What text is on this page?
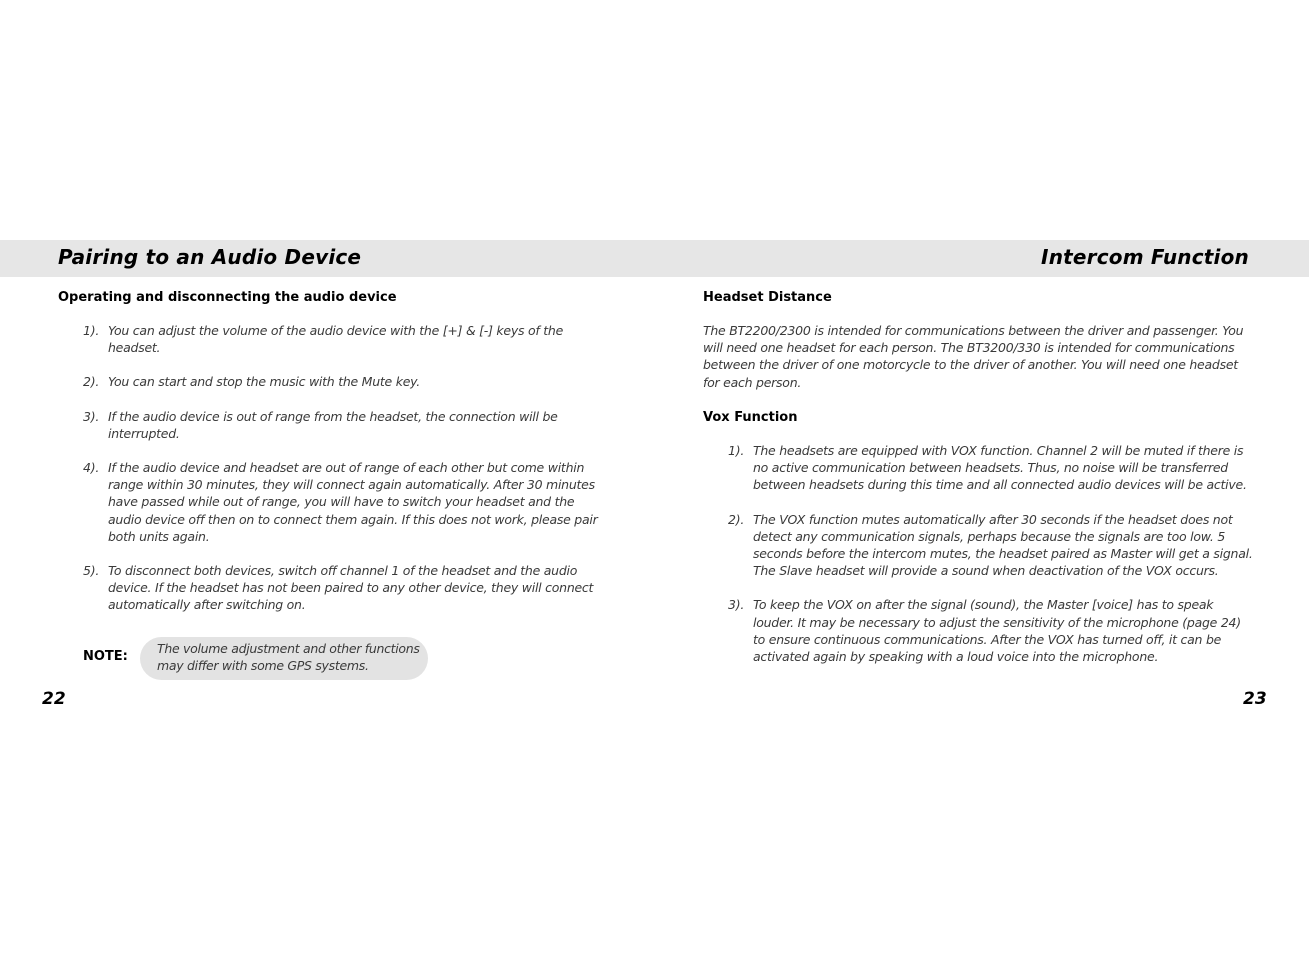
Pairing to an Audio Device	Intercom Function
Operating and disconnecting the audio device
1). You can adjust the volume of the audio device with the [+] & [-] keys of the headset.
2). You can start and stop the music with the Mute key.
3). If the audio device is out of range from the headset, the connection will be interrupted.
4). If the audio device and headset are out of range of each other but come within range within 30 minutes, they will connect again automatically. After 30 minutes have passed while out of range, you will have to switch your headset and the audio device off then on to connect them again. If this does not work, please pair both units again.
5). To disconnect both devices, switch off channel 1 of the headset and the audio device. If the headset has not been paired to any other device, they will connect automatically after switching on.
NOTE:
The volume adjustment and other functions may differ with some GPS systems.
22
Headset Distance

The BT2200/2300 is intended for communications between the driver and passenger. You will need one headset for each person. The BT3200/330 is intended for communications between the driver of one motorcycle to the driver of another. You will need one headset for each person.

Vox Function
1). The headsets are equipped with VOX function. Channel 2 will be muted if there is no active communication between headsets. Thus, no noise will be transferred between headsets during this time and all connected audio devices will be active.
2). The VOX function mutes automatically after 30 seconds if the headset does not detect any communication signals, perhaps because the signals are too low. 5 seconds before the intercom mutes, the headset paired as Master will get a signal. The Slave headset will provide a sound when deactivation of the VOX occurs.
3). To keep the VOX on after the signal (sound), the Master [voice] has to speak louder. It may be necessary to adjust the sensitivity of the microphone (page 24) to ensure continuous communications. After the VOX has turned off, it can be activated again by speaking with a loud voice into the microphone.
23
